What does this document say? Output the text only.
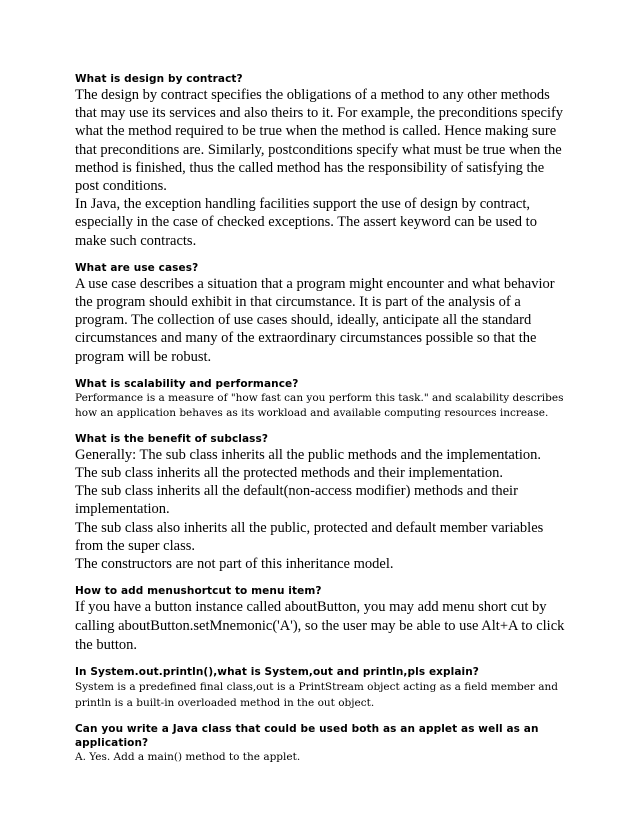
What is design by contract?

The design by contract specifies the obligations of a method to any other methods that may use its services and also theirs to it. For example, the preconditions specify what the method required to be true when the method is called. Hence making sure that preconditions are. Similarly, postconditions specify what must be true when the method is finished, thus the called method has the responsibility of satisfying the post conditions.

In Java, the exception handling facilities support the use of design by contract, especially in the case of checked exceptions. The assert keyword can be used to make such contracts.

What are use cases?

A use case describes a situation that a program might encounter and what behavior the program should exhibit in that circumstance. It is part of the analysis of a program. The collection of use cases should, ideally, anticipate all the standard circumstances and many of the extraordinary circumstances possible so that the program will be robust.

What is scalability and performance?

Performance is a measure of "how fast can you perform this task." and scalability describes how an application behaves as its workload and available computing resources increase.

What is the benefit of subclass?

Generally: The sub class inherits all the public methods and the implementation.

The sub class inherits all the protected methods and their implementation.

The sub class inherits all the default(non-access modifier) methods and their implementation.

The sub class also inherits all the public, protected and default member variables from the super class.

The constructors are not part of this inheritance model.

How to add menushortcut to menu item?

If you have a button instance called aboutButton, you may add menu short cut by calling aboutButton.setMnemonic('A'), so the user may be able to use Alt+A to click the button.

In System.out.println(),what is System,out and println,pls explain?

System is a predefined final class,out is a PrintStream object acting as a field member and println is a built-in overloaded method in the out object.

Can you write a Java class that could be used both as an applet as well as an application?

A. Yes. Add a main() method to the applet.
